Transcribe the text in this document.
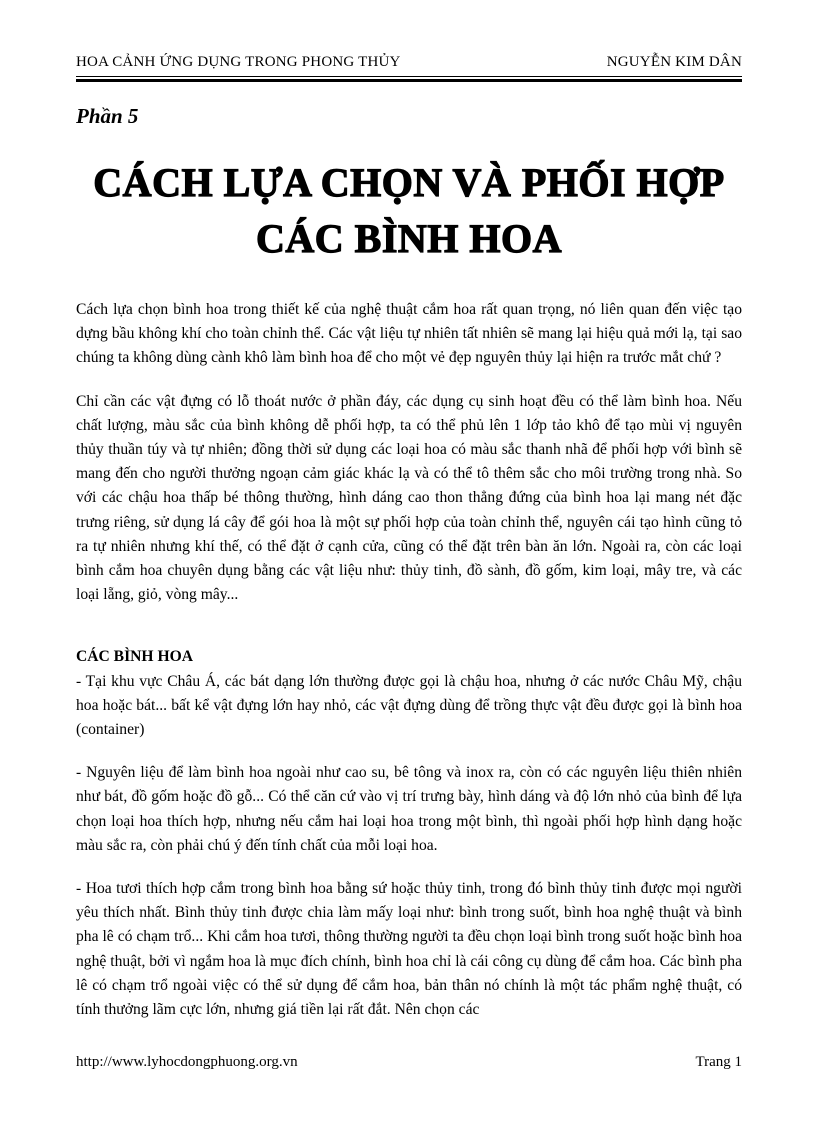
HOA CẢNH ỨNG DỤNG TRONG PHONG THỦY	NGUYỄN KIM DÂN
Phần 5
CÁCH LỰA CHỌN VÀ PHỐI HỢP
CÁC BÌNH HOA

Cách lựa chọn bình hoa trong thiết kế của nghệ thuật cắm hoa rất quan trọng, nó liên quan đến việc tạo dựng bầu không khí cho toàn chỉnh thể. Các vật liệu tự nhiên tất nhiên sẽ mang lại hiệu quả mới lạ, tại sao chúng ta không dùng cành khô làm bình hoa để cho một vẻ đẹp nguyên thủy lại hiện ra trước mắt chứ ?

Chỉ cần các vật đựng có lỗ thoát nước ở phần đáy, các dụng cụ sinh hoạt đều có thể làm bình hoa. Nếu chất lượng, màu sắc của bình không dễ phối hợp, ta có thể phủ lên 1 lớp tảo khô để tạo mùi vị nguyên thủy thuần túy và tự nhiên; đồng thời sử dụng các loại hoa có màu sắc thanh nhã để phối hợp với bình sẽ mang đến cho người thưởng ngoạn cảm giác khác lạ và có thể tô thêm sắc cho môi trường trong nhà. So với các chậu hoa thấp bé thông thường, hình dáng cao thon thẳng đứng của bình hoa lại mang nét đặc trưng riêng, sử dụng lá cây để gói hoa là một sự phối hợp của toàn chỉnh thể, nguyên cái tạo hình cũng tỏ ra tự nhiên nhưng khí thế, có thể đặt ở cạnh cửa, cũng có thể đặt trên bàn ăn lớn. Ngoài ra, còn các loại bình cắm hoa chuyên dụng bằng các vật liệu như: thủy tinh, đồ sành, đồ gốm, kim loại, mây tre, và các loại lẵng, giỏ, vòng mây...

CÁC BÌNH HOA

- Tại khu vực Châu Á, các bát dạng lớn thường được gọi là chậu hoa, nhưng ở các nước Châu Mỹ, chậu hoa hoặc bát... bất kể vật đựng lớn hay nhỏ, các vật đựng dùng để trồng thực vật đều được gọi là bình hoa (container)

- Nguyên liệu để làm bình hoa ngoài như cao su, bê tông và inox ra, còn có các nguyên liệu thiên nhiên như bát, đồ gốm hoặc đồ gỗ... Có thể căn cứ vào vị trí trưng bày, hình dáng và độ lớn nhỏ của bình để lựa chọn loại hoa thích hợp, nhưng nếu cắm hai loại hoa trong một bình, thì ngoài phối hợp hình dạng hoặc màu sắc ra, còn phải chú ý đến tính chất của mỗi loại hoa.

- Hoa tươi thích hợp cắm trong bình hoa bằng sứ hoặc thủy tinh, trong đó bình thủy tinh được mọi người yêu thích nhất. Bình thủy tinh được chia làm mấy loại như: bình trong suốt, bình hoa nghệ thuật và bình pha lê có chạm trổ... Khi cắm hoa tươi, thông thường người ta đều chọn loại bình trong suốt hoặc bình hoa nghệ thuật, bởi vì ngắm hoa là mục đích chính, bình hoa chỉ là cái công cụ dùng để cắm hoa. Các bình pha lê có chạm trổ ngoài việc có thể sử dụng để cắm hoa, bản thân nó chính là một tác phẩm nghệ thuật, có tính thưởng lãm cực lớn, nhưng giá tiền lại rất đắt. Nên chọn các

http://www.lyhocdongphuong.org.vn	Trang 1
